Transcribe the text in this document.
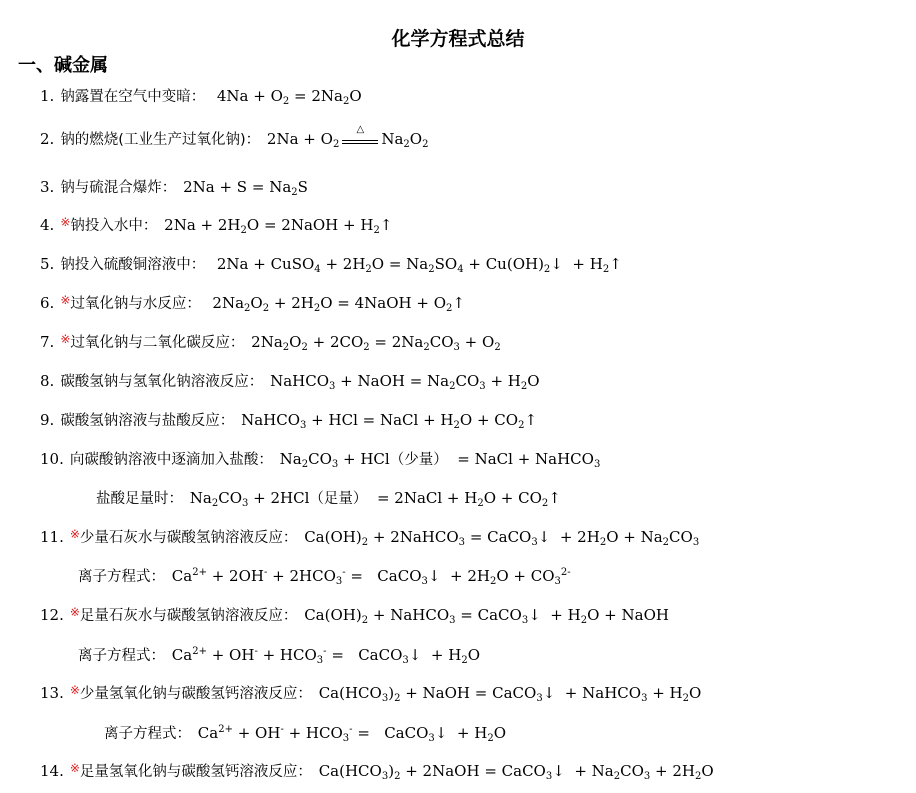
化学方程式总结
一、碱金属
1. 钠露置在空气中变暗：  $4Na + O_2 = 2Na_2O$
2. 钠的燃烧(工业生产过氧化钠)： $2Na + O_2$
△
$Na_2O_2$
3. 钠与硫混合爆炸： $2Na + S = Na_2S$
4. ※钠投入水中： $2Na + 2H_2O$ = 2NaOH + $H_2↑$
5. 钠投入硫酸铜溶液中：  2Na + CuSO$_4$ + $2H_2O = Na_2SO_4$ + $Cu(OH)_2↓$  + $H_2↑$
6. ※过氧化钠与水反应：  $2Na_2O_2 + 2H_2O$ = 4NaOH + $O_2↑$
7. ※过氧化钠与二氧化碳反应： $2Na_2O_2 + 2CO_2 = 2Na_2CO_3 + O_2$
8. 碳酸氢钠与氢氧化钠溶液反应： NaHCO$_3$ + NaOH = $Na_2CO_3 + H_2O$
9. 碳酸氢钠溶液与盐酸反应： NaHCO$_3$ + HCl = NaCl + $H_2O$ + $CO_2↑$
10. 向碳酸钠溶液中逐滴加入盐酸： $Na_2CO_3 + HCl$（少量）  = NaCl + NaHCO$_3$
盐酸足量时： $Na_2CO_3 + 2HCl$（足量）  = 2NaCl + $H_2O$ + $CO_2↑$
11. ※少量石灰水与碳酸氢钠溶液反应： $Ca(OH)_2$ + 2NaHCO$_3$ = CaCO$_3$↓  + $2H_2O + Na_2CO_3$
离子方程式： $Ca^{2+} + 2OH^- + 2HCO_3^-$ =   CaCO$_3$↓  + $2H_2O + CO_3^{2-}$
12. ※足量石灰水与碳酸氢钠溶液反应： $Ca(OH)_2$ + NaHCO$_3$ = CaCO$_3$↓  + $H_2O$ + NaOH
离子方程式： $Ca^{2+} + OH^- + HCO_3^-$ =   CaCO$_3$↓  + $H_2O$
13. ※少量氢氧化钠与碳酸氢钙溶液反应： $Ca(HCO_3)_2$ + NaOH = CaCO$_3$↓  + NaHCO$_3$ + $H_2O$
离子方程式： $Ca^{2+} + OH^- + HCO_3^-$ =   CaCO$_3$↓  + $H_2O$
14. ※足量氢氧化钠与碳酸氢钙溶液反应： $Ca(HCO_3)_2$ + 2NaOH = CaCO$_3$↓  + $Na_2CO_3 + 2H_2O$
